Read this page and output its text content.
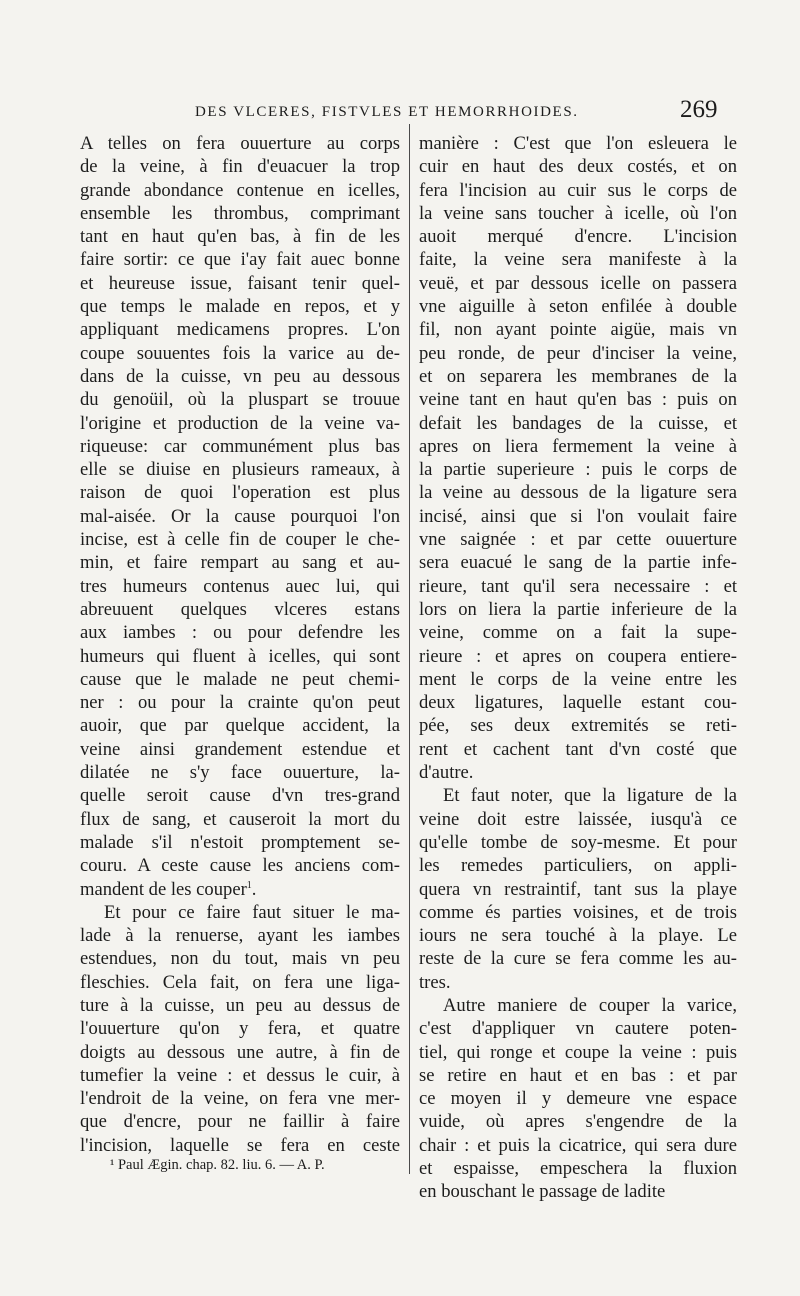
DES VLCERES, FISTVLES ET HEMORRHOIDES.	269
A telles on fera ouuerture au corps
de la veine, à fin d'euacuer la trop
grande abondance contenue en icelles,
ensemble les thrombus, comprimant
tant en haut qu'en bas, à fin de les
faire sortir: ce que i'ay fait auec bonne
et heureuse issue, faisant tenir quel-
que temps le malade en repos, et y
appliquant medicamens propres. L'on
coupe souuentes fois la varice au de-
dans de la cuisse, vn peu au dessous
du genoüil, où la pluspart se trouue
l'origine et production de la veine va-
riqueuse: car communément plus bas
elle se diuise en plusieurs rameaux, à
raison de quoi l'operation est plus
mal-aisée. Or la cause pourquoi l'on
incise, est à celle fin de couper le che-
min, et faire rempart au sang et au-
tres humeurs contenus auec lui, qui
abreuuent quelques vlceres estans
aux iambes : ou pour defendre les
humeurs qui fluent à icelles, qui sont
cause que le malade ne peut chemi-
ner : ou pour la crainte qu'on peut
auoir, que par quelque accident, la
veine ainsi grandement estendue et
dilatée ne s'y face ouuerture, la-
quelle seroit cause d'vn tres-grand
flux de sang, et causeroit la mort du
malade s'il n'estoit promptement se-
couru. A ceste cause les anciens com-
mandent de les couper$^1$.
Et pour ce faire faut situer le ma-
lade à la renuerse, ayant les iambes
estendues, non du tout, mais vn peu
fleschies. Cela fait, on fera une liga-
ture à la cuisse, un peu au dessus de
l'ouuerture qu'on y fera, et quatre
doigts au dessous une autre, à fin de
tumefier la veine : et dessus le cuir, à
l'endroit de la veine, on fera vne mer-
que d'encre, pour ne faillir à faire
l'incision, laquelle se fera en ceste
manière : C'est que l'on esleuera le
cuir en haut des deux costés, et on
fera l'incision au cuir sus le corps de
la veine sans toucher à icelle, où l'on
auoit merqué d'encre. L'incision
faite, la veine sera manifeste à la
veuë, et par dessous icelle on passera
vne aiguille à seton enfilée à double
fil, non ayant pointe aigüe, mais vn
peu ronde, de peur d'inciser la veine,
et on separera les membranes de la
veine tant en haut qu'en bas : puis on
defait les bandages de la cuisse, et
apres on liera fermement la veine à
la partie superieure : puis le corps de
la veine au dessous de la ligature sera
incisé, ainsi que si l'on voulait faire
vne saignée : et par cette ouuerture
sera euacué le sang de la partie infe-
rieure, tant qu'il sera necessaire : et
lors on liera la partie inferieure de la
veine, comme on a fait la supe-
rieure : et apres on coupera entiere-
ment le corps de la veine entre les
deux ligatures, laquelle estant cou-
pée, ses deux extremités se reti-
rent et cachent tant d'vn costé que
d'autre.
Et faut noter, que la ligature de la
veine doit estre laissée, iusqu'à ce
qu'elle tombe de soy-mesme. Et pour
les remedes particuliers, on appli-
quera vn restraintif, tant sus la playe
comme és parties voisines, et de trois
iours ne sera touché à la playe. Le
reste de la cure se fera comme les au-
tres.
Autre maniere de couper la varice,
c'est d'appliquer vn cautere poten-
tiel, qui ronge et coupe la veine : puis
se retire en haut et en bas : et par
ce moyen il y demeure vne espace
vuide, où apres s'engendre de la
chair : et puis la cicatrice, qui sera dure
et espaisse, empeschera la fluxion
en bouschant le passage de ladite
¹ Paul Ægin. chap. 82. liu. 6. — A. P.
